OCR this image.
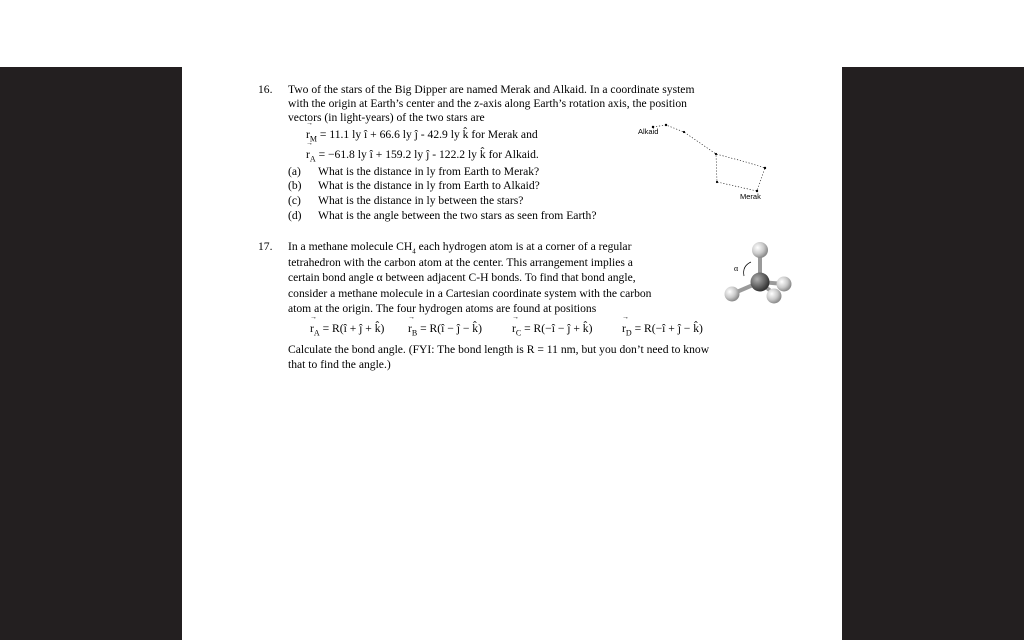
16. Two of the stars of the Big Dipper are named Merak and Alkaid. In a coordinate system
with the origin at Earth’s center and the z-axis along Earth’s rotation axis, the position
vectors (in light-years) of the two stars are
→ $r_M = 11.1$ ly î + 66.6 ly ĵ - 42.9 ly k̂ for Merak and
→ $r_A = -61.8$ ly î + 159.2 ly ĵ - 122.2 ly k̂ for Alkaid.
(a) What is the distance in ly from Earth to Merak?
(b) What is the distance in ly from Earth to Alkaid?
(c) What is the distance in ly between the stars?
(d) What is the angle between the two stars as seen from Earth?
Alkaid
Merak
17. In a methane molecule $CH_4$ each hydrogen atom is at a corner of a regular
tetrahedron with the carbon atom at the center. This arrangement implies a
certain bond angle α between adjacent C-H bonds. To find that bond angle,
consider a methane molecule in a Cartesian coordinate system with the carbon
atom at the origin. The four hydrogen atoms are found at positions
→ $r_A$ = R(î + ĵ + k̂) → $r_B$ = R(î − ĵ − k̂)	→ $r_C$ = R(−î − ĵ + k̂)	→ $r_D$ = R(−î + ĵ − k̂)
Calculate the bond angle. (FYI: The bond length is R = 11 nm, but you don’t need to know
that to find the angle.)
α
